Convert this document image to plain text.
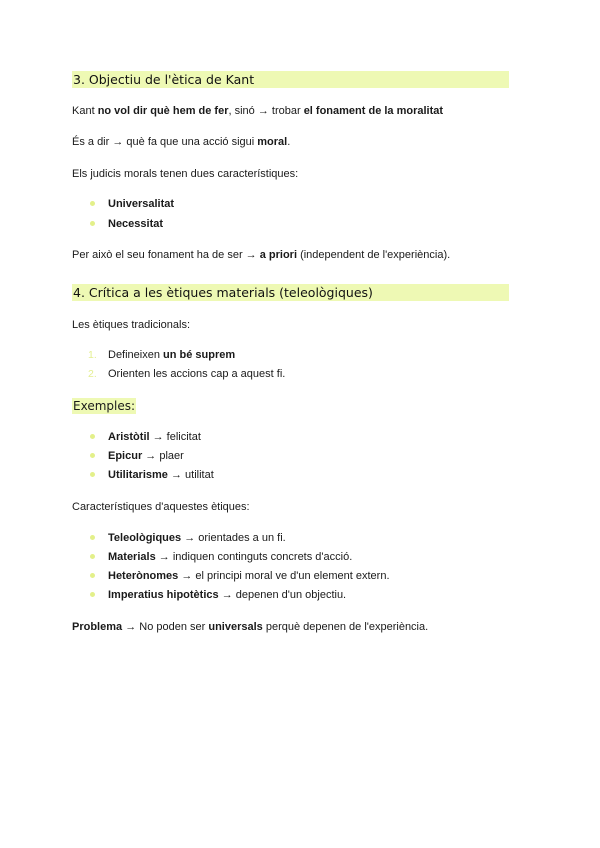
3. Objectiu de l'ètica de Kant
Kant no vol dir què hem de fer, sinó → trobar el fonament de la moralitat
És a dir → què fa que una acció sigui moral.
Els judicis morals tenen dues característiques:
Universalitat
Necessitat
Per això el seu fonament ha de ser → a priori (independent de l'experiència).
4. Crítica a les ètiques materials (teleològiques)
Les ètiques tradicionals:
1. Defineixen un bé suprem
2. Orienten les accions cap a aquest fi.
Exemples:
Aristòtil → felicitat
Epicur → plaer
Utilitarisme → utilitat
Característiques d'aquestes ètiques:
Teleològiques → orientades a un fi.
Materials → indiquen continguts concrets d'acció.
Heterònomes → el principi moral ve d'un element extern.
Imperatius hipotètics → depenen d'un objectiu.
Problema → No poden ser universals perquè depenen de l'experiència.
